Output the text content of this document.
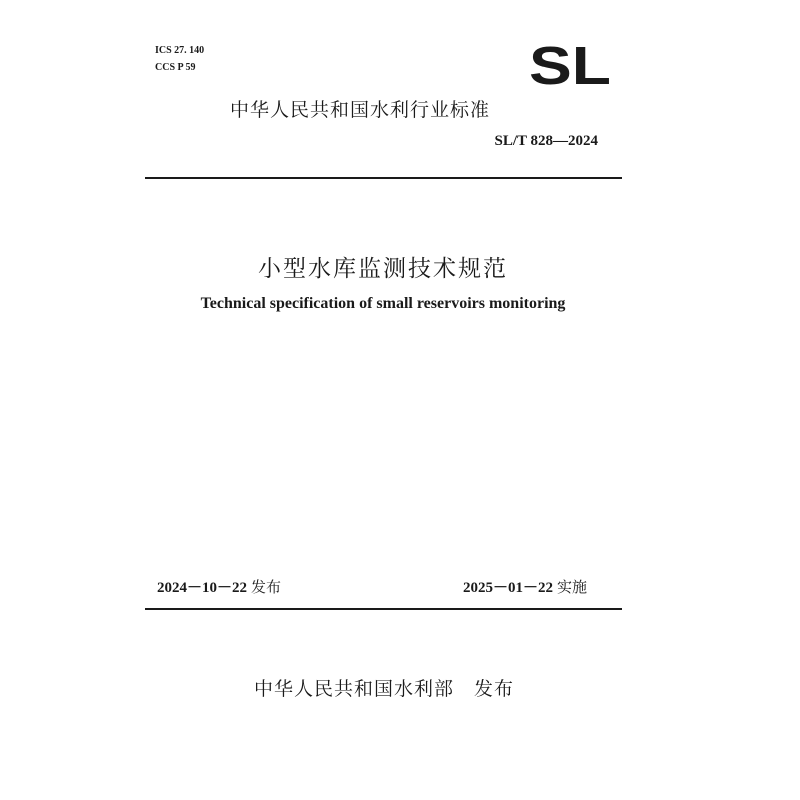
ICS 27. 140
CCS P 59	SL
中华人民共和国水利行业标准
SL/T 828—2024
小型水库监测技术规范
Technical specification of small reservoirs monitoring
2024－10－22 发布	2025－01－22 实施
中华人民共和国水利部　发布
